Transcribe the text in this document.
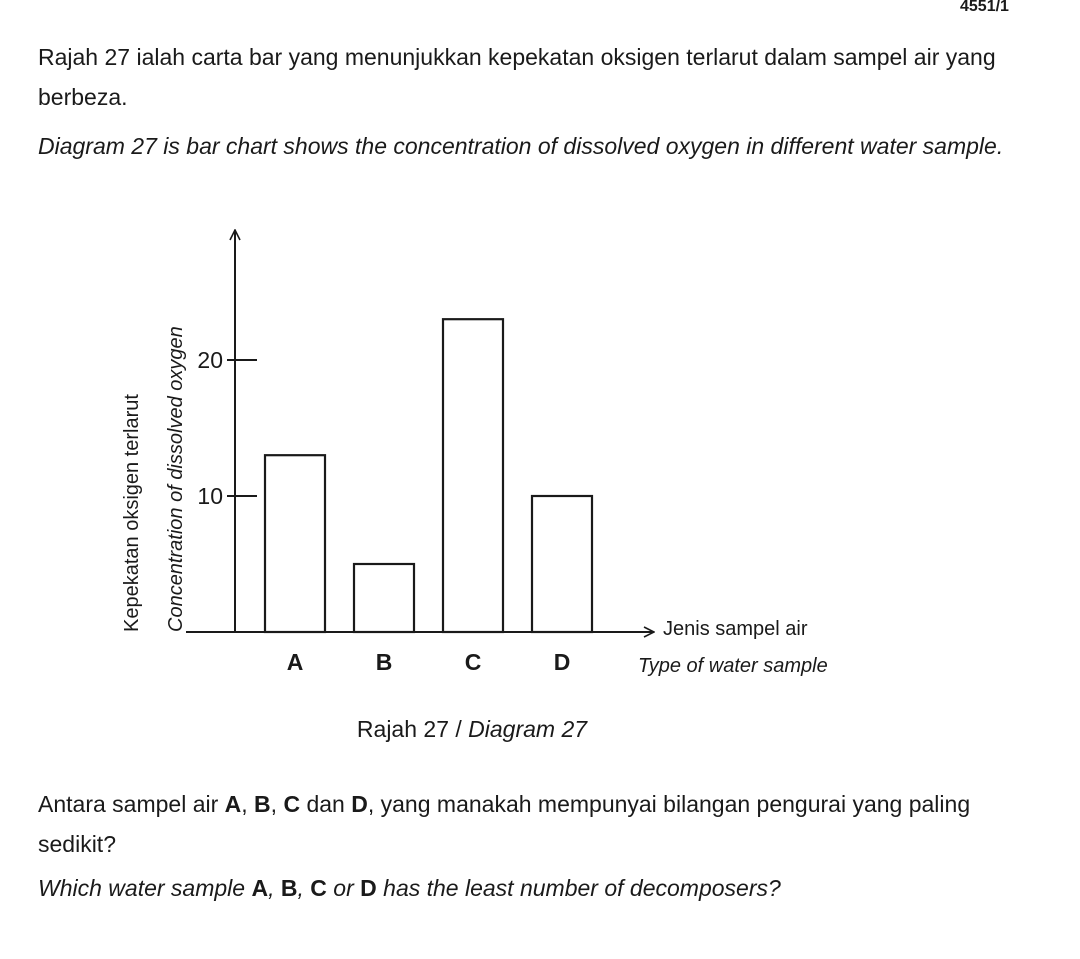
4551/1

Rajah 27 ialah carta bar yang menunjukkan kepekatan oksigen terlarut dalam sampel air yang berbeza.

Diagram 27 is bar chart shows the concentration of dissolved oxygen in different water sample.

10
20
A	B	C	D
Kepekatan oksigen terlarut Concentration of dissolved oxygen	Jenis sampel air
Type of water sample
Rajah 27 / Diagram 27

Antara sampel air A, B, C dan D, yang manakah mempunyai bilangan pengurai yang paling sedikit?

Which water sample A, B, C or D has the least number of decomposers?
